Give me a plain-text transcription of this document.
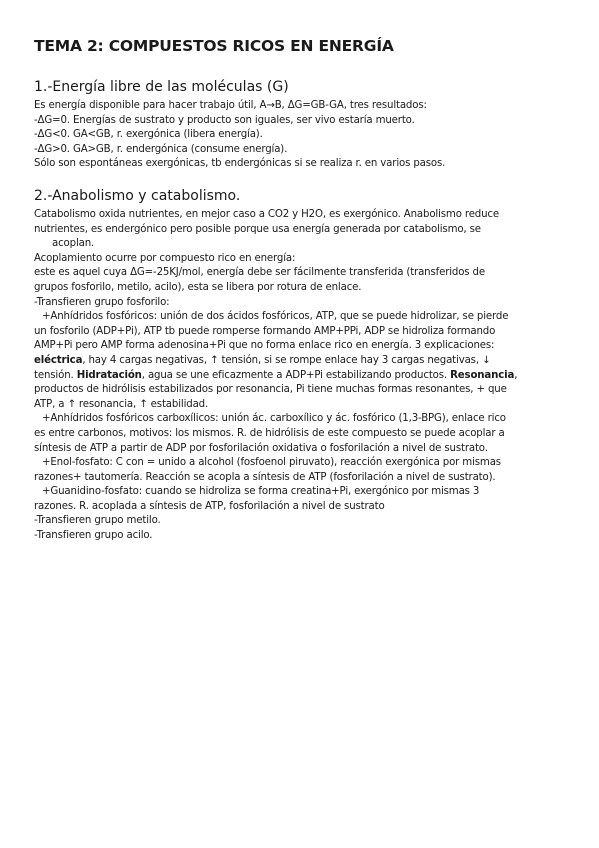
TEMA 2: COMPUESTOS RICOS EN ENERGÍA
1.-Energía libre de las moléculas (G)
Es energía disponible para hacer trabajo útil, A→B, ΔG=GB-GA, tres resultados:
-ΔG=0. Energías de sustrato y producto son iguales, ser vivo estaría muerto.
-ΔG<0. GA<GB, r. exergónica (libera energía).
-ΔG>0. GA>GB, r. endergónica (consume energía).
Sólo son espontáneas exergónicas, tb endergónicas si se realiza r. en varios pasos.
2.-Anabolismo y catabolismo.
Catabolismo oxida nutrientes, en mejor caso a CO2 y H2O, es exergónico. Anabolismo reduce
nutrientes, es endergónico pero posible porque usa energía generada por catabolismo, se
acoplan.
Acoplamiento ocurre por compuesto rico en energía:
este es aquel cuya ΔG=-25KJ/mol, energía debe ser fácilmente transferida (transferidos de
grupos fosforilo, metilo, acilo), esta se libera por rotura de enlace.
-Transfieren grupo fosforilo:
+Anhídridos fosfóricos: unión de dos ácidos fosfóricos, ATP, que se puede hidrolizar, se pierde
un fosforilo (ADP+Pi), ATP tb puede romperse formando AMP+PPi, ADP se hidroliza formando
AMP+Pi pero AMP forma adenosina+Pi que no forma enlace rico en energía. 3 explicaciones:
eléctrica, hay 4 cargas negativas, ↑ tensión, si se rompe enlace hay 3 cargas negativas, ↓
tensión. Hidratación, agua se une eficazmente a ADP+Pi estabilizando productos. Resonancia,
productos de hidrólisis estabilizados por resonancia, Pi tiene muchas formas resonantes, + que
ATP, a ↑ resonancia, ↑ estabilidad.
+Anhídridos fosfóricos carboxílicos: unión ác. carboxílico y ác. fosfórico (1,3-BPG), enlace rico
es entre carbonos, motivos: los mismos. R. de hidrólisis de este compuesto se puede acoplar a
síntesis de ATP a partir de ADP por fosforilación oxidativa o fosforilación a nivel de sustrato.
+Enol-fosfato: C con = unido a alcohol (fosfoenol piruvato), reacción exergónica por mismas
razones+ tautomería. Reacción se acopla a síntesis de ATP (fosforilación a nivel de sustrato).
+Guanidino-fosfato: cuando se hidroliza se forma creatina+Pi, exergónico por mismas 3
razones. R. acoplada a síntesis de ATP, fosforilación a nivel de sustrato
-Transfieren grupo metilo.
-Transfieren grupo acilo.
